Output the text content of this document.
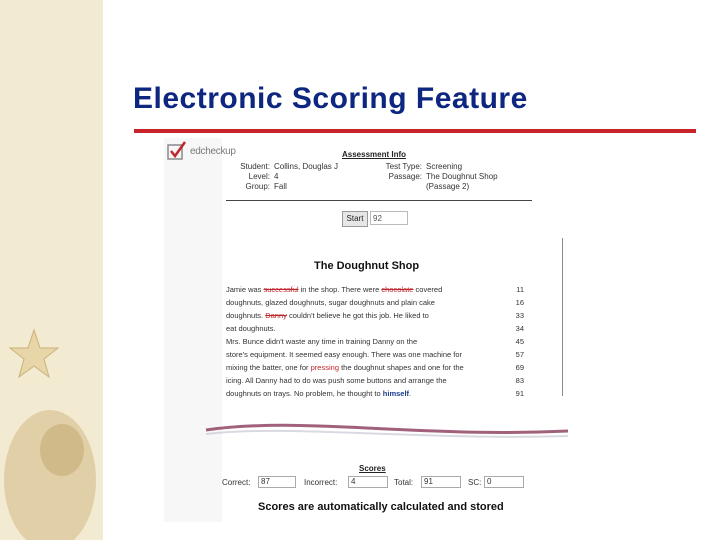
Electronic Scoring Feature
edcheckup	Assessment Info
Student: Collins, Douglas J
Level: 4
Group: Fall
Test Type: Screening
Passage: The Doughnut Shop
(Passage 2)
Start	92
The Doughnut Shop
Jamie was successful in the shop. There were chocolate covered	11
doughnuts, glazed doughnuts, sugar doughnuts and plain cake	16
doughnuts. Danny couldn't believe he got this job. He liked to	33
eat doughnuts.	34
Mrs. Bunce didn't waste any time in training Danny on the	45
store's equipment. It seemed easy enough. There was one machine for	57
mixing the batter, one for pressing the doughnut shapes and one for the	69
icing. All Danny had to do was push some buttons and arrange the	83
doughnuts on trays. No problem, he thought to himself.	91
Scores
Correct:	87	Incorrect:	4	Total:	91	SC: 0
Scores are automatically calculated and stored
